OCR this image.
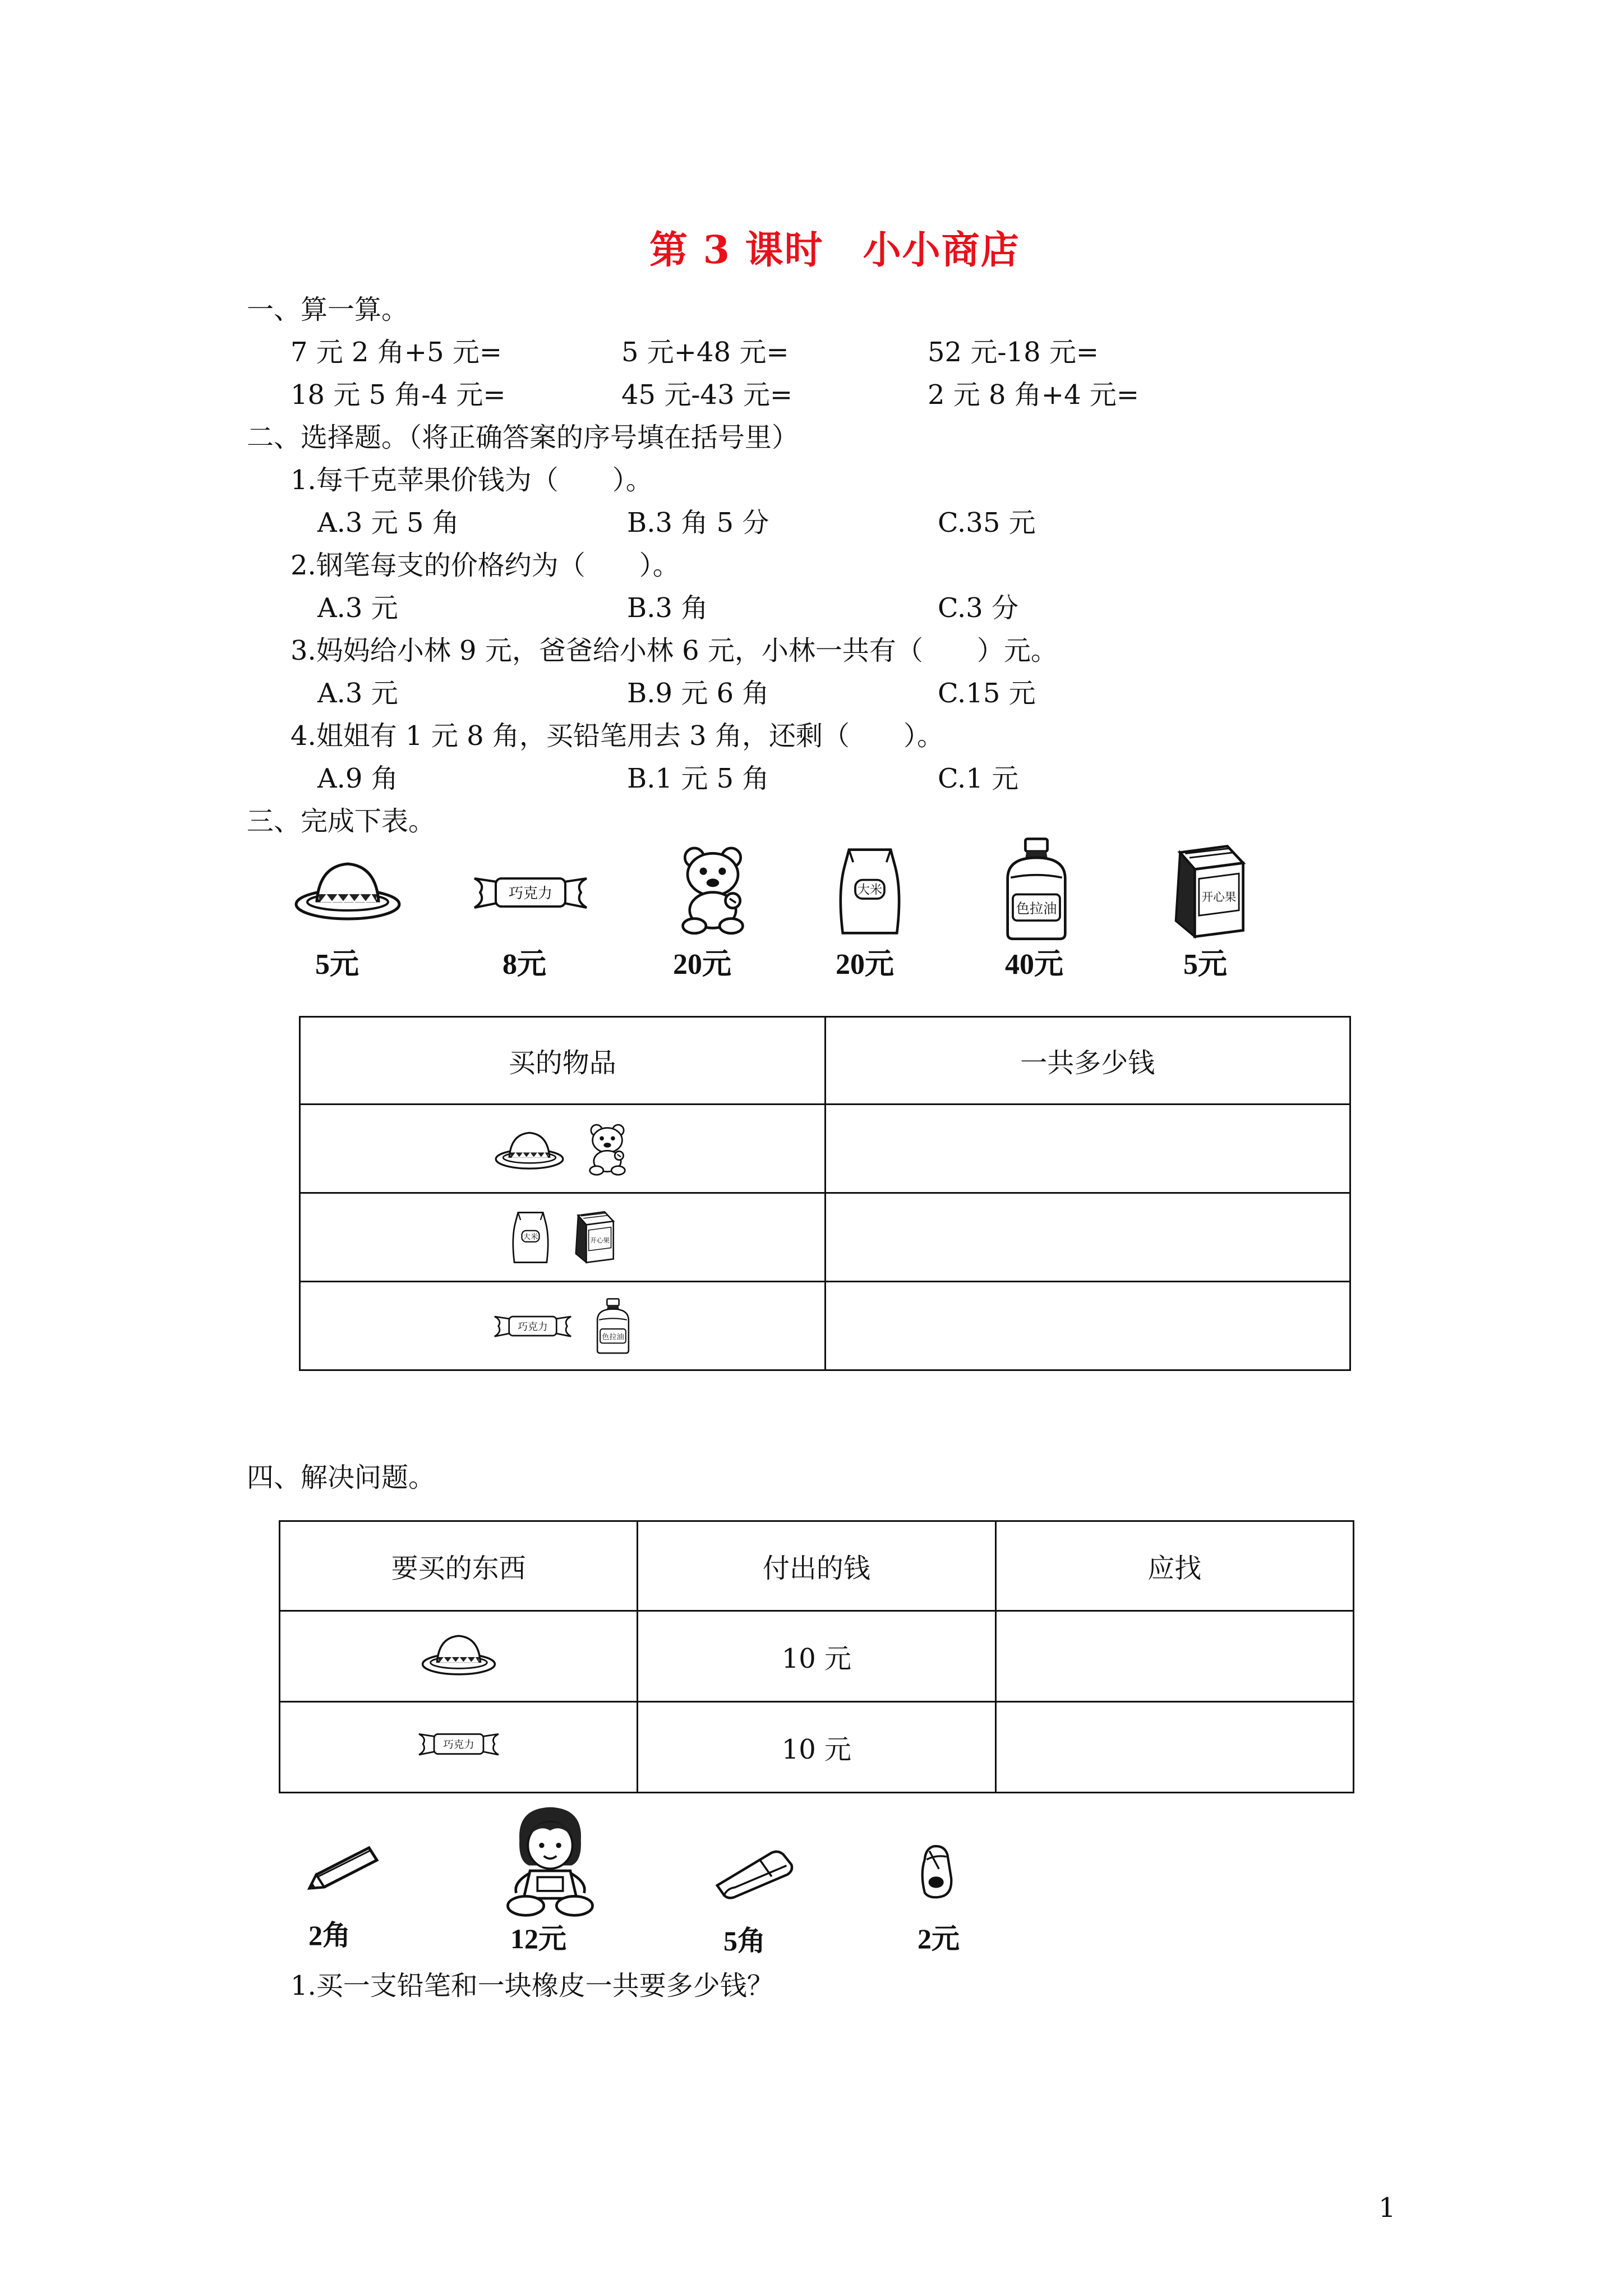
第 3 课时　小小商店
一、算一算。
7 元 2 角+5 元=	5 元+48 元=	52 元-18 元=
18 元 5 角-4 元=	45 元-43 元=	2 元 8 角+4 元=
二、选择题。（将正确答案的序号填在括号里）
1.每千克苹果价钱为（　　）。
A.3 元 5 角	B.3 角 5 分	C.35 元
2.钢笔每支的价格约为（　　）。
A.3 元	B.3 角	C.3 分
3.妈妈给小林 9 元，爸爸给小林 6 元，小林一共有（　　）元。
A.3 元	B.9 元 6 角	C.15 元
4.姐姐有 1 元 8 角，买铅笔用去 3 角，还剩（　　）。
A.9 角	B.1 元 5 角	C.1 元
三、完成下表。
5元	8元	20元	20元	40元	5元
买的物品	一共多少钱

四、解决问题。
要买的东西	付出的钱	应找
	10 元	
	10 元	
2角	12元	5角	2元
1.买一支铅笔和一块橡皮一共要多少钱？
1
